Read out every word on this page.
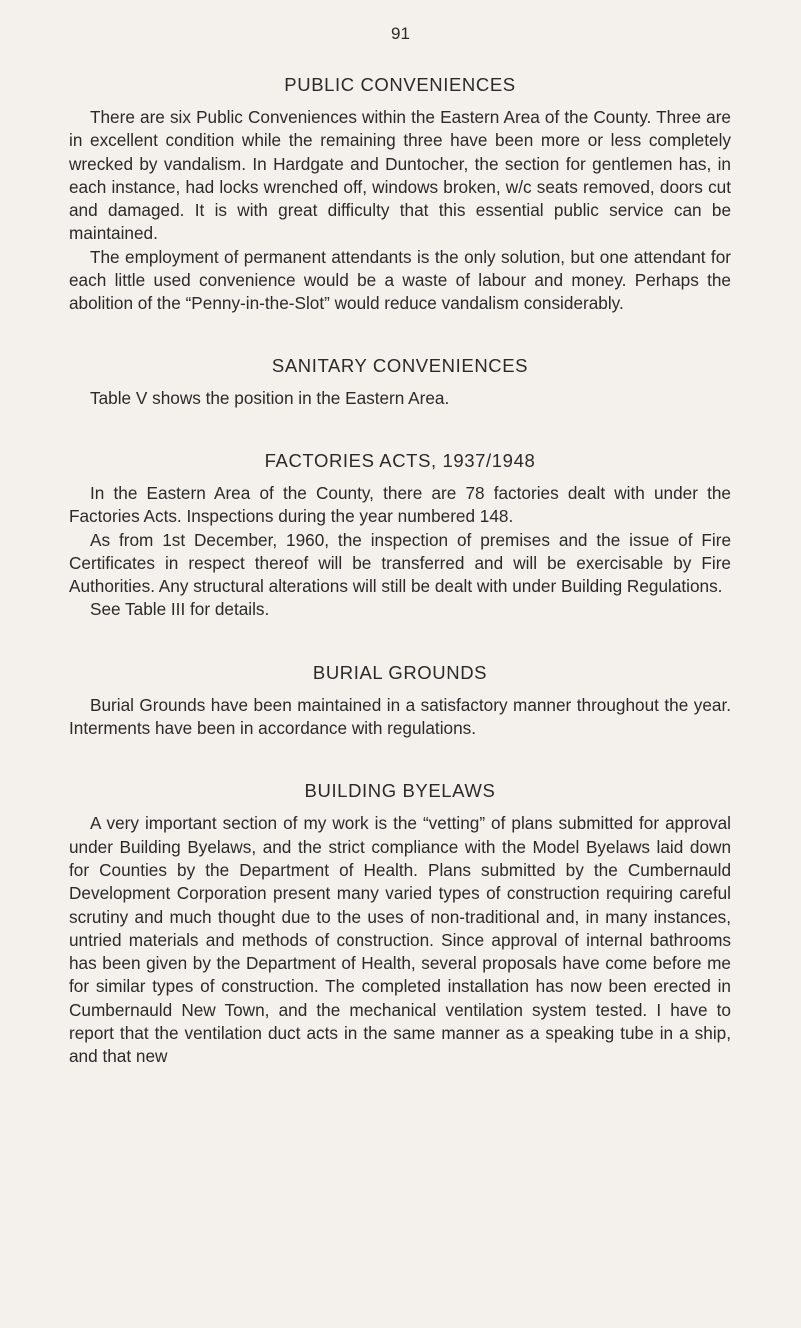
91
PUBLIC CONVENIENCES

There are six Public Conveniences within the Eastern Area of the County. Three are in excellent condition while the remaining three have been more or less completely wrecked by vandalism. In Hardgate and Duntocher, the section for gentlemen has, in each instance, had locks wrenched off, windows broken, w/c seats removed, doors cut and damaged. It is with great difficulty that this essential public service can be maintained.

The employment of permanent attendants is the only solution, but one attendant for each little used convenience would be a waste of labour and money. Perhaps the abolition of the “Penny-in-the-Slot” would reduce vandalism considerably.

SANITARY CONVENIENCES

Table V shows the position in the Eastern Area.

FACTORIES ACTS, 1937/1948

In the Eastern Area of the County, there are 78 factories dealt with under the Factories Acts. Inspections during the year numbered 148.

As from 1st December, 1960, the inspection of premises and the issue of Fire Certificates in respect thereof will be transferred and will be exercisable by Fire Authorities. Any structural alterations will still be dealt with under Building Regulations.

See Table III for details.

BURIAL GROUNDS

Burial Grounds have been maintained in a satisfactory manner throughout the year. Interments have been in accordance with regulations.

BUILDING BYELAWS

A very important section of my work is the “vetting” of plans submitted for approval under Building Byelaws, and the strict compliance with the Model Byelaws laid down for Counties by the Department of Health. Plans submitted by the Cumbernauld Development Corporation present many varied types of construction requiring careful scrutiny and much thought due to the uses of non-traditional and, in many instances, untried materials and methods of construction. Since approval of internal bathrooms has been given by the Department of Health, several proposals have come before me for similar types of construction. The completed installation has now been erected in Cumbernauld New Town, and the mechanical ventilation system tested. I have to report that the ventilation duct acts in the same manner as a speaking tube in a ship, and that new
